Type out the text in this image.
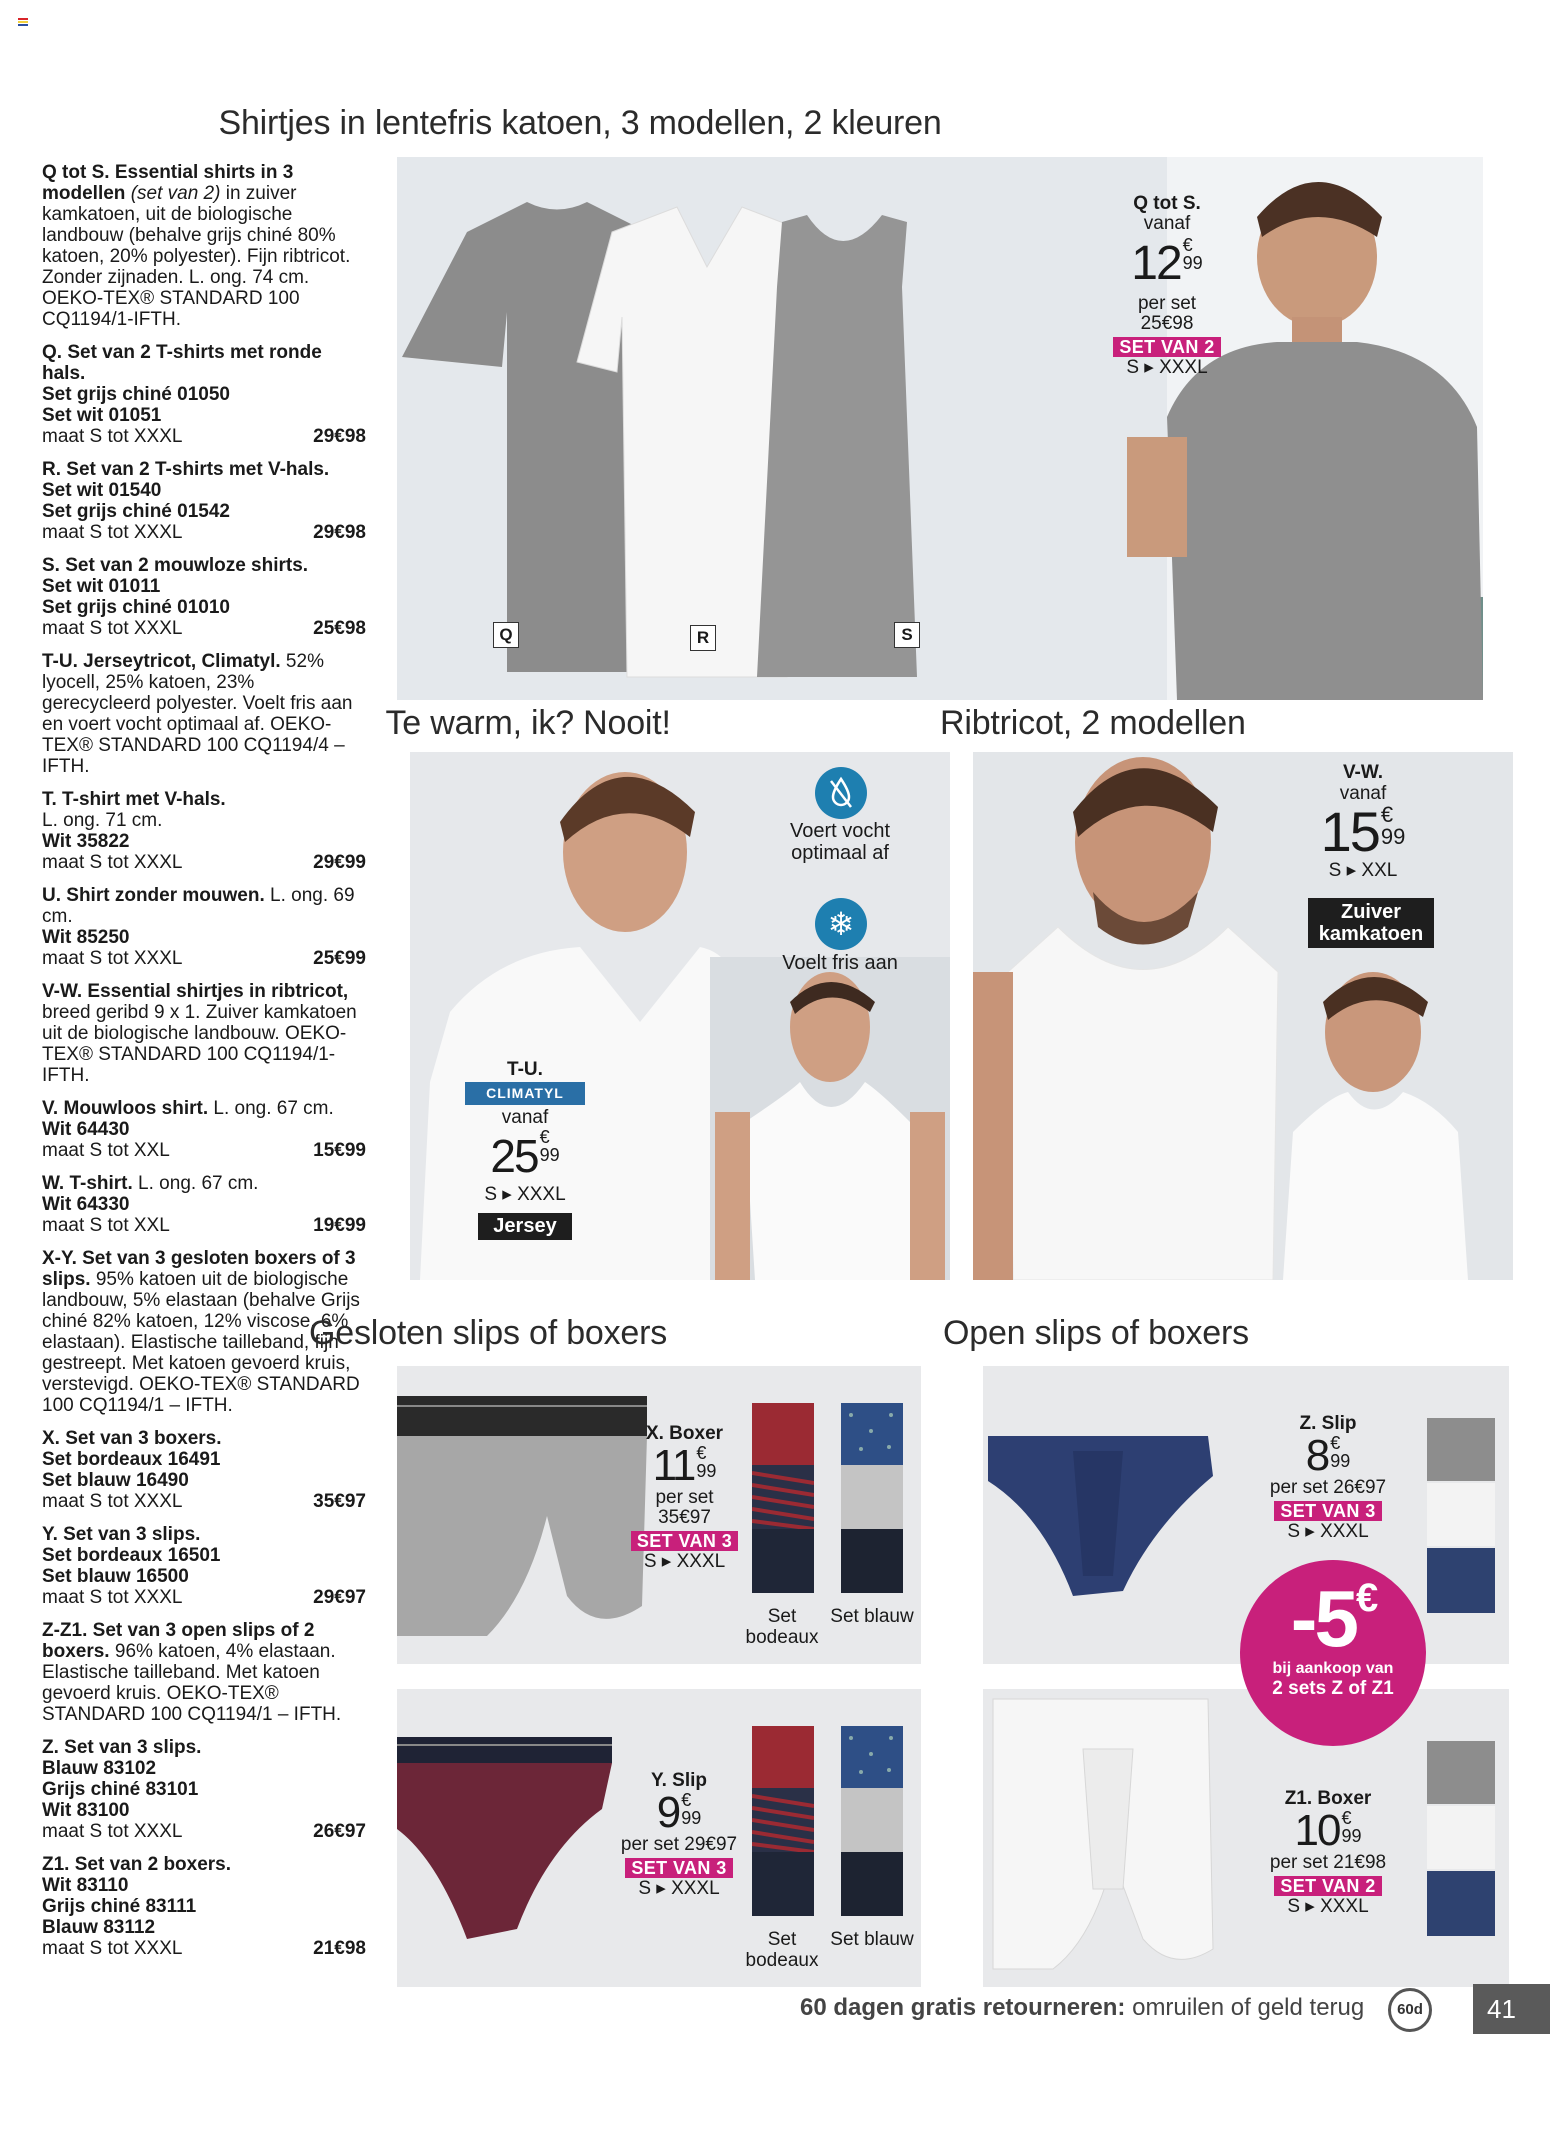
Q tot S. Essential shirts in 3 modellen (set van 2) in zuiver kamkatoen, uit de biologische landbouw (behalve grijs chiné 80% katoen, 20% polyester). Fijn ribtricot. Zonder zijnaden. L. ong. 74 cm. OEKO-TEX® STANDARD 100 CQ1194/1-IFTH.

Q. Set van 2 T-shirts met ronde hals.

Set grijs chiné 01050

Set wit 01051

maat S tot XXXL	29€98

R. Set van 2 T-shirts met V-hals.

Set wit 01540

Set grijs chiné 01542

maat S tot XXXL	29€98

S. Set van 2 mouwloze shirts.

Set wit 01011

Set grijs chiné 01010

maat S tot XXXL	25€98

T-U. Jerseytricot, Climatyl. 52% lyocell, 25% katoen, 23% gerecycleerd polyester. Voelt fris aan en voert vocht optimaal af. OEKO-TEX® STANDARD 100 CQ1194/4 – IFTH.

T. T-shirt met V-hals.

L. ong. 71 cm.

Wit 35822

maat S tot XXXL	29€99

U. Shirt zonder mouwen. L. ong. 69 cm.

Wit 85250

maat S tot XXXL	25€99

V-W. Essential shirtjes in ribtricot,

breed geribd 9 x 1. Zuiver kamkatoen uit de biologische landbouw. OEKO-TEX® STANDARD 100 CQ1194/1-IFTH.

V. Mouwloos shirt. L. ong. 67 cm.

Wit 64430

maat S tot XXL	15€99

W. T-shirt. L. ong. 67 cm.

Wit 64330

maat S tot XXL	19€99

X-Y. Set van 3 gesloten boxers of 3 slips. 95% katoen uit de biologische landbouw, 5% elastaan (behalve Grijs chiné 82% katoen, 12% viscose, 6% elastaan). Elastische tailleband, fijn gestreept. Met katoen gevoerd kruis, verstevigd. OEKO-TEX® STANDARD 100 CQ1194/1 – IFTH.

X. Set van 3 boxers.

Set bordeaux 16491

Set blauw 16490

maat S tot XXXL	35€97

Y. Set van 3 slips.

Set bordeaux 16501

Set blauw 16500

maat S tot XXXL	29€97

Z-Z1. Set van 3 open slips of 2 boxers. 96% katoen, 4% elastaan. Elastische tailleband. Met katoen gevoerd kruis. OEKO-TEX® STANDARD 100 CQ1194/1 – IFTH.

Z. Set van 3 slips.

Blauw 83102

Grijs chiné 83101

Wit 83100

maat S tot XXXL	26€97

Z1. Set van 2 boxers.

Wit 83110

Grijs chiné 83111

Blauw 83112

maat S tot XXXL	21€98

Shirtjes in lentefris katoen, 3 modellen, 2 kleuren
Te warm, ik? Nooit!	Ribtricot, 2 modellen
Gesloten slips of boxers	Open slips of boxers
Q	R	S
Q tot S.
vanaf
12 €
99
per set
25€98
SET VAN 2
S ▸ XXXL
Voert vocht optimaal af
❄
Voelt fris aan
T-U.
CLIMATYL
vanaf
25 €
99
S ▸ XXXL
Jersey
V-W.
vanaf
15€
99
S ▸ XXL
Zuiver kamkatoen
X. Boxer
11 €
99
per set
35€97
SET VAN 3
S ▸ XXXL
Set bodeaux
Set blauw
Y. Slip
9 €
99
per set 29€97
SET VAN 3
S ▸ XXXL
Set bodeaux
Set blauw
Z. Slip
8 €
99
per set 26€97
SET VAN 3
S ▸ XXXL
Z1. Boxer
10 €
99
per set 21€98
SET VAN 2
S ▸ XXXL
-5€
bij aankoop van
2 sets Z of Z1
60 dagen gratis retourneren: omruilen of geld terug	60d	41
